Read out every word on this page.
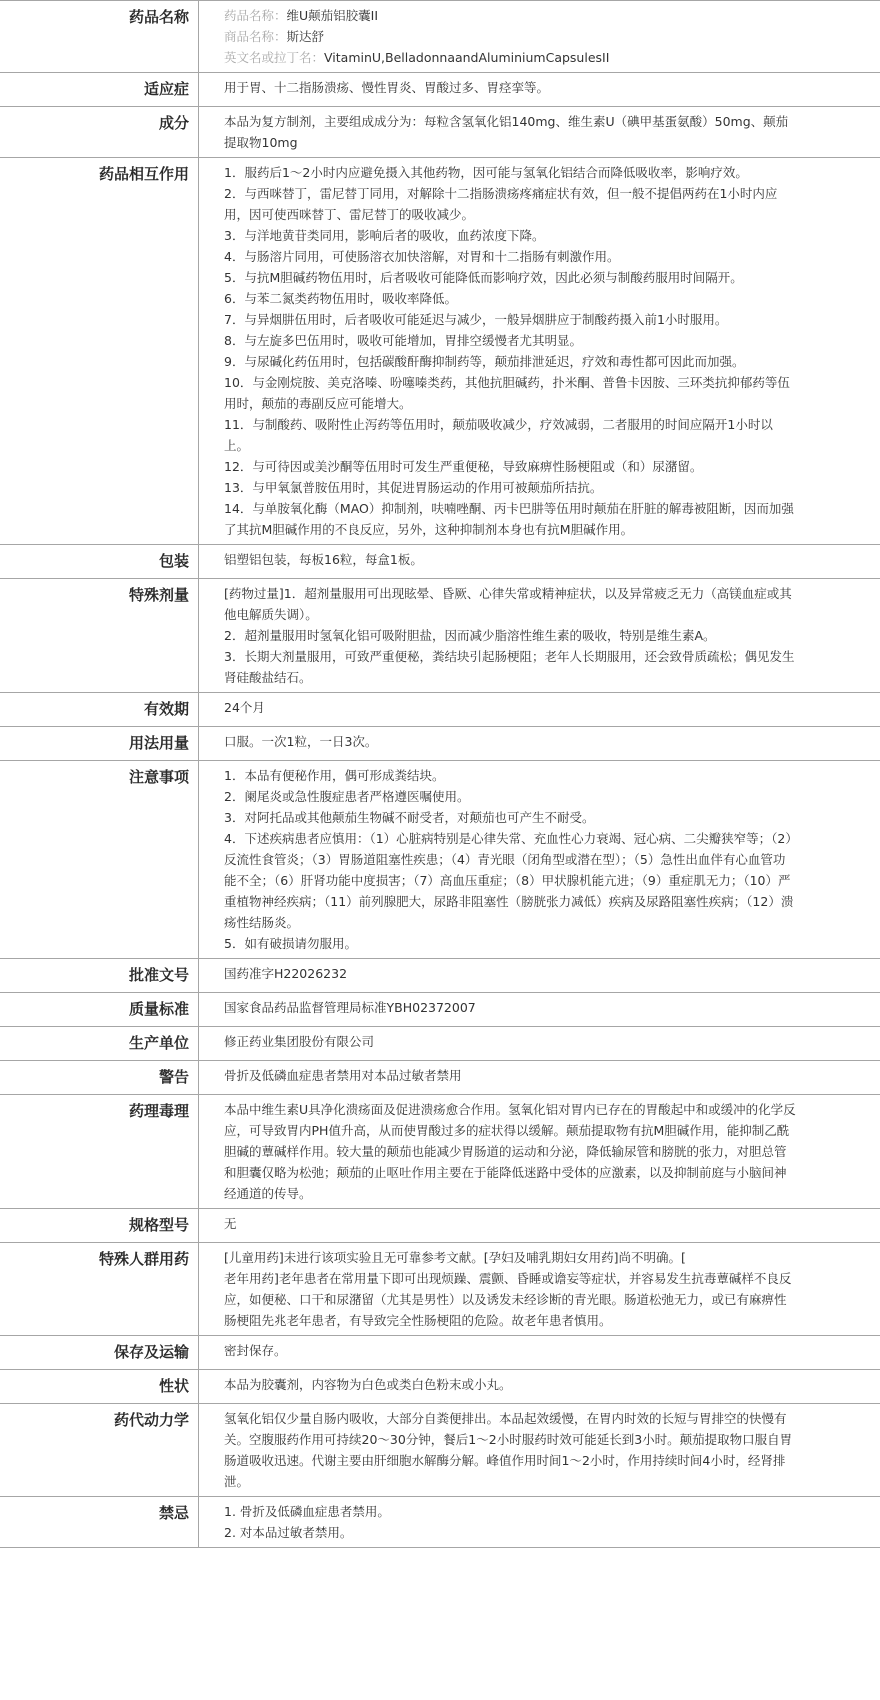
药品名称	药品名称：维U颠茄铝胶囊II
商品名称：斯达舒
英文名或拉丁名：VitaminU,BelladonnaandAluminiumCapsulesII
适应症	用于胃、十二指肠溃疡、慢性胃炎、胃酸过多、胃痉挛等。
成分	本品为复方制剂，主要组成成分为：每粒含氢氧化铝140mg、维生素U（碘甲基蛋氨酸）50mg、颠茄提取物10mg
药品相互作用	1．服药后1～2小时内应避免摄入其他药物，因可能与氢氧化铝结合而降低吸收率，影响疗效。
2．与西咪替丁，雷尼替丁同用，对解除十二指肠溃疡疼痛症状有效，但一般不提倡两药在1小时内应用，因可使西咪替丁、雷尼替丁的吸收减少。
3．与洋地黄苷类同用，影响后者的吸收，血药浓度下降。
4．与肠溶片同用，可使肠溶衣加快溶解，对胃和十二指肠有刺激作用。
5．与抗M胆碱药物伍用时，后者吸收可能降低而影响疗效，因此必须与制酸药服用时间隔开。
6．与苯二氮类药物伍用时，吸收率降低。
7．与异烟肼伍用时，后者吸收可能延迟与减少，一般异烟肼应于制酸药摄入前1小时服用。
8．与左旋多巴伍用时，吸收可能增加，胃排空缓慢者尤其明显。
9．与尿碱化药伍用时，包括碳酸酐酶抑制药等，颠茄排泄延迟，疗效和毒性都可因此而加强。
10．与金刚烷胺、美克洛嗪、吩噻嗪类药，其他抗胆碱药，扑米酮、普鲁卡因胺、三环类抗抑郁药等伍用时，颠茄的毒副反应可能增大。
11．与制酸药、吸附性止泻药等伍用时，颠茄吸收减少，疗效减弱，二者服用的时间应隔开1小时以上。
12．与可待因或美沙酮等伍用时可发生严重便秘，导致麻痹性肠梗阻或（和）尿潴留。
13．与甲氧氯普胺伍用时，其促进胃肠运动的作用可被颠茄所拮抗。
14．与单胺氧化酶（MAO）抑制剂，呋喃唑酮、丙卡巴肼等伍用时颠茄在肝脏的解毒被阻断，因而加强了其抗M胆碱作用的不良反应，另外，这种抑制剂本身也有抗M胆碱作用。
包装	铝塑铝包装，每板16粒，每盒1板。
特殊剂量	[药物过量]1．超剂量服用可出现眩晕、昏厥、心律失常或精神症状，以及异常疲乏无力（高镁血症或其他电解质失调）。
2．超剂量服用时氢氧化铝可吸附胆盐，因而减少脂溶性维生素的吸收，特别是维生素A。
3．长期大剂量服用，可致严重便秘，粪结块引起肠梗阻；老年人长期服用，还会致骨质疏松；偶见发生肾硅酸盐结石。
有效期	24个月
用法用量	口服。一次1粒，一日3次。
注意事项	1．本品有便秘作用，偶可形成粪结块。
2．阑尾炎或急性腹症患者严格遵医嘱使用。
3．对阿托品或其他颠茄生物碱不耐受者，对颠茄也可产生不耐受。
4．下述疾病患者应慎用：（1）心脏病特别是心律失常、充血性心力衰竭、冠心病、二尖瓣狭窄等；（2）反流性食管炎；（3）胃肠道阻塞性疾患；（4）青光眼（闭角型或潜在型）；（5）急性出血伴有心血管功能不全；（6）肝肾功能中度损害；（7）高血压重症；（8）甲状腺机能亢进；（9）重症肌无力；（10）严重植物神经疾病；（11）前列腺肥大，尿路非阻塞性（膀胱张力减低）疾病及尿路阻塞性疾病；（12）溃疡性结肠炎。
5．如有破损请勿服用。
批准文号	国药准字H22026232
质量标准	国家食品药品监督管理局标准YBH02372007
生产单位	修正药业集团股份有限公司
警告	骨折及低磷血症患者禁用对本品过敏者禁用
药理毒理	本品中维生素U具净化溃疡面及促进溃疡愈合作用。氢氧化铝对胃内已存在的胃酸起中和或缓冲的化学反应，可导致胃内PH值升高，从而使胃酸过多的症状得以缓解。颠茄提取物有抗M胆碱作用，能抑制乙酰胆碱的蕈碱样作用。较大量的颠茄也能减少胃肠道的运动和分泌，降低输尿管和膀胱的张力，对胆总管和胆囊仅略为松弛；颠茄的止呕吐作用主要在于能降低迷路中受体的应激素，以及抑制前庭与小脑间神经通道的传导。
规格型号	无
特殊人群用药	[儿童用药]未进行该项实验且无可靠参考文献。[孕妇及哺乳期妇女用药]尚不明确。[
老年用药]老年患者在常用量下即可出现烦躁、震颤、昏睡或谵妄等症状，并容易发生抗毒蕈碱样不良反应，如便秘、口干和尿潴留（尤其是男性）以及诱发未经诊断的青光眼。肠道松弛无力，或已有麻痹性肠梗阻先兆老年患者，有导致完全性肠梗阻的危险。故老年患者慎用。
保存及运输	密封保存。
性状	本品为胶囊剂，内容物为白色或类白色粉末或小丸。
药代动力学	氢氧化铝仅少量自肠内吸收，大部分自粪便排出。本品起效缓慢，在胃内时效的长短与胃排空的快慢有关。空腹服药作用可持续20～30分钟，餐后1～2小时服药时效可能延长到3小时。颠茄提取物口服自胃肠道吸收迅速。代谢主要由肝细胞水解酶分解。峰值作用时间1～2小时，作用持续时间4小时，经肾排泄。
禁忌	1. 骨折及低磷血症患者禁用。
2. 对本品过敏者禁用。
